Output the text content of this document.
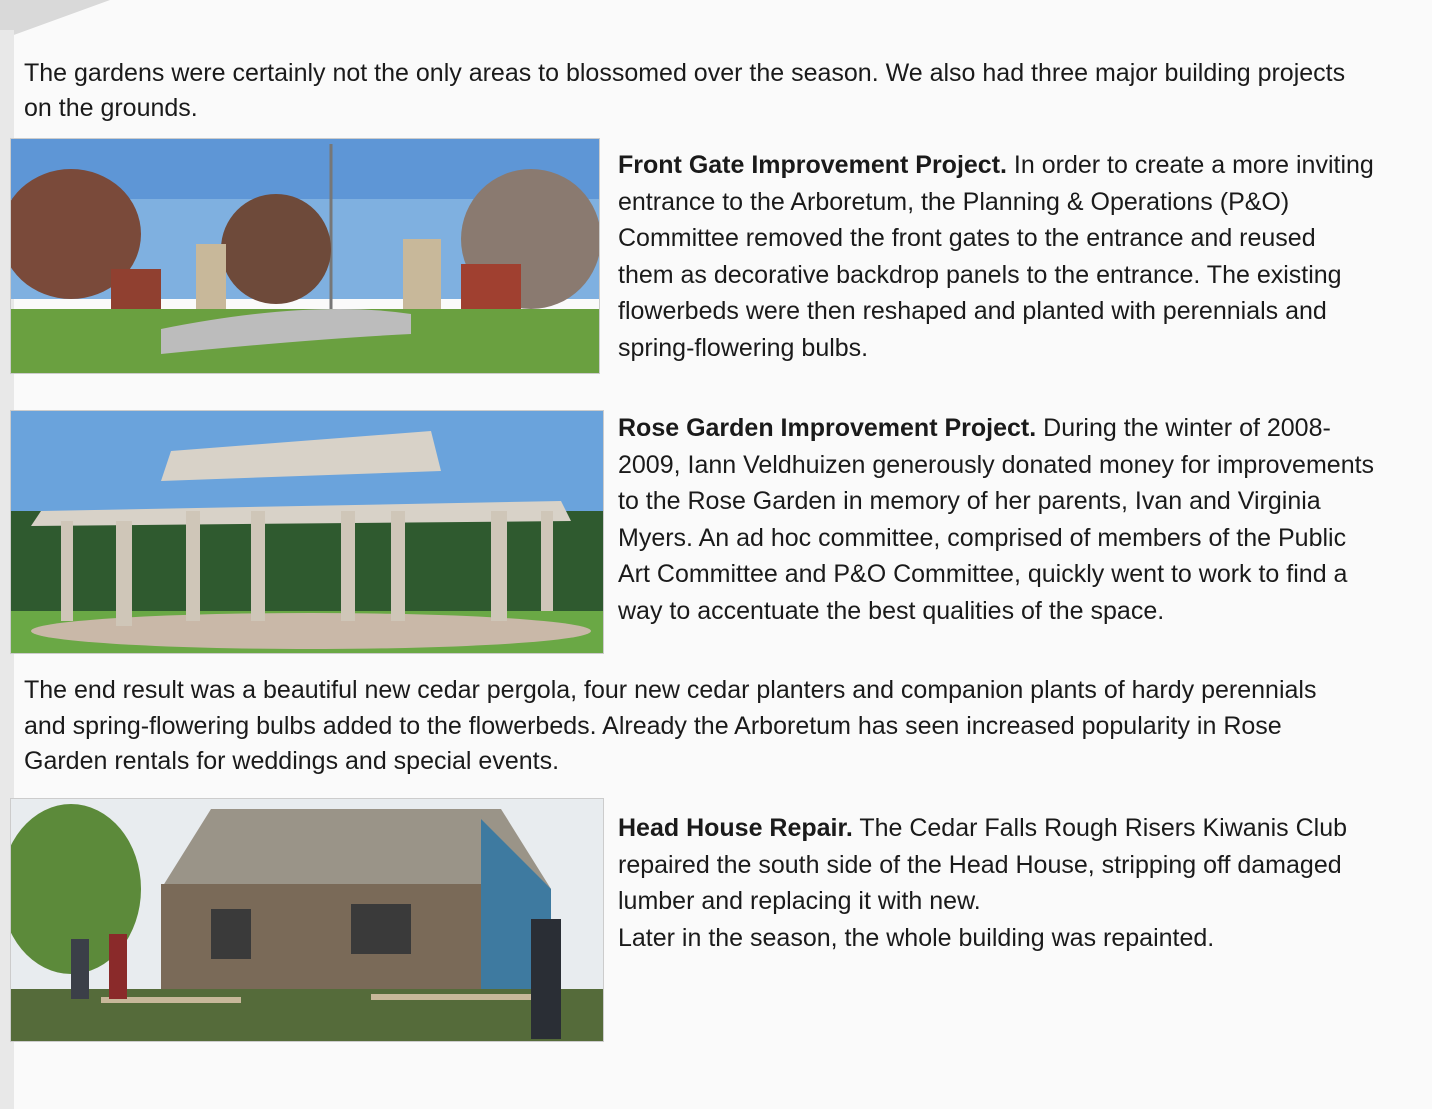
The gardens were certainly not the only areas to blossomed over the season. We also had three major building projects on the grounds.

Front Gate Improvement Project. In order to create a more inviting entrance to the Arboretum, the Planning & Operations (P&O) Committee removed the front gates to the entrance and reused them as decorative backdrop panels to the entrance. The existing flowerbeds were then reshaped and planted with perennials and spring-flowering bulbs.

Rose Garden Improvement Project. During the winter of 2008-2009, Iann Veldhuizen generously donated money for improvements to the Rose Garden in memory of her parents, Ivan and Virginia Myers. An ad hoc committee, comprised of members of the Public Art Committee and P&O Committee, quickly went to work to find a way to accentuate the best qualities of the space.

The end result was a beautiful new cedar pergola, four new cedar planters and companion plants of hardy perennials and spring-flowering bulbs added to the flowerbeds. Already the Arboretum has seen increased popularity in Rose Garden rentals for weddings and special events.

Head House Repair. The Cedar Falls Rough Risers Kiwanis Club repaired the south side of the Head House, stripping off damaged lumber and replacing it with new.
Later in the season, the whole building was repainted.
